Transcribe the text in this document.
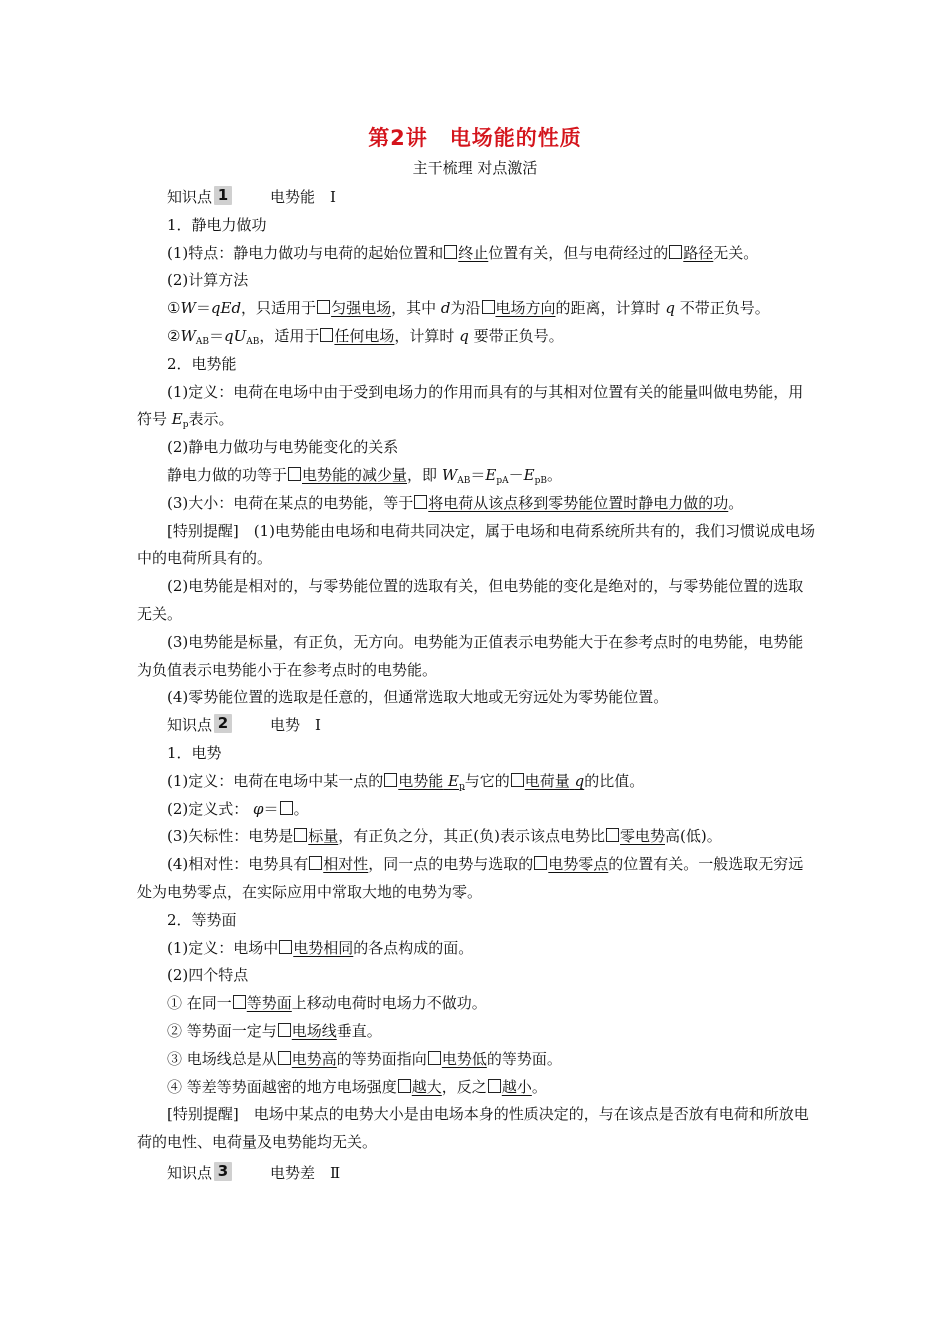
第2讲　电场能的性质
主干梳理 对点激活

知识点 1	电势能　 Ⅰ

1．静电力做功

(1)特点：静电力做功与电荷的起始位置和 终止位置有关，但与电荷经过的 路径无关。

(2)计算方法

①W＝qEd，只适用于 匀强电场，其中 d为沿 电场方向的距离，计算时 q 不带正负号。

$②W_{AB}=qU_{AB}$，适用于 任何电场，计算时 q 要带正负号。

2．电势能

(1)定义：电荷在电场中由于受到电场力的作用而具有的与其相对位置有关的能量叫做电势能，用符号 $E_p$表示。

(2)静电力做功与电势能变化的关系

静电力做的功等于 电势能的减少量，即 $W_{AB}=E_{pA}-E_{pB}$。

(3)大小：电荷在某点的电势能，等于 将电荷从该点移到零势能位置时静电力做的功。

[特别提醒]　(1)电势能由电场和电荷共同决定，属于电场和电荷系统所共有的，我们习惯说成电场中的电荷所具有的。

(2)电势能是相对的，与零势能位置的选取有关，但电势能的变化是绝对的，与零势能位置的选取无关。

(3)电势能是标量，有正负，无方向。电势能为正值表示电势能大于在参考点时的电势能，电势能为负值表示电势能小于在参考点时的电势能。

(4)零势能位置的选取是任意的，但通常选取大地或无穷远处为零势能位置。

知识点 2	电势　 Ⅰ

1．电势

(1)定义：电荷在电场中某一点的 电势能 $E_p$与它的 电荷量 q的比值。

(2)定义式： φ＝ 。

(3)矢标性：电势是 标量，有正负之分，其正(负)表示该点电势比 零电势高(低)。

(4)相对性：电势具有 相对性，同一点的电势与选取的 电势零点的位置有关。一般选取无穷远处为电势零点，在实际应用中常取大地的电势为零。

2．等势面

(1)定义：电场中 电势相同的各点构成的面。

(2)四个特点

① 在同一 等势面上移动电荷时电场力不做功。

② 等势面一定与 电场线垂直。

③ 电场线总是从 电势高的等势面指向 电势低的等势面。

④ 等差等势面越密的地方电场强度 越大，反之 越小。

[特别提醒]　电场中某点的电势大小是由电场本身的性质决定的，与在该点是否放有电荷和所放电荷的电性、电荷量及电势能均无关。

知识点 3	电势差　 Ⅱ
